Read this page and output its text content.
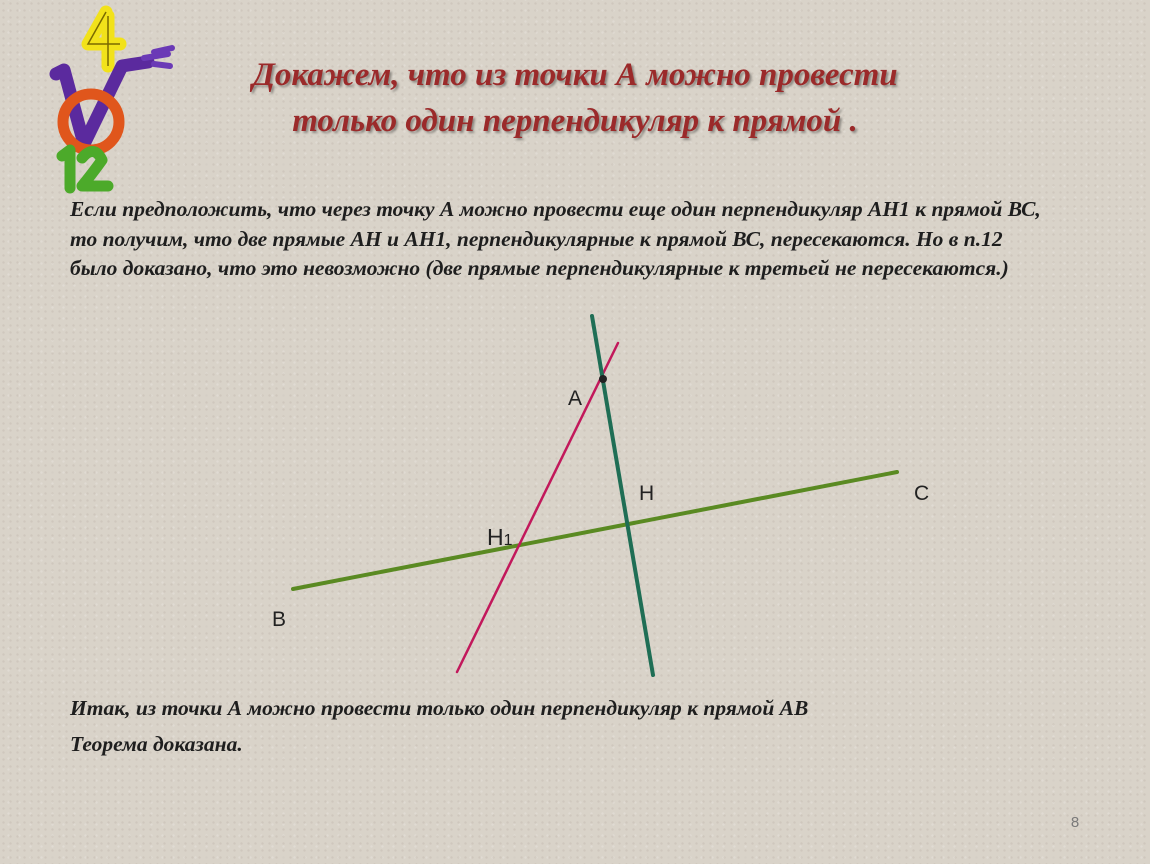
Докажем, что из точки А можно провести
только один перпендикуляр к прямой .
Если предположить, что через точку А можно провести еще один перпендикуляр АН1 к прямой ВС, то получим, что две прямые АН и АН1, перпендикулярные к прямой ВС, пересекаются. Но в п.12 было доказано, что это невозможно (две прямые перпендикулярные к третьей не пересекаются.)
A
H	C
H1
B
Итак, из точки А можно провести только один перпендикуляр к прямой АВ
Теорема доказана.
8
